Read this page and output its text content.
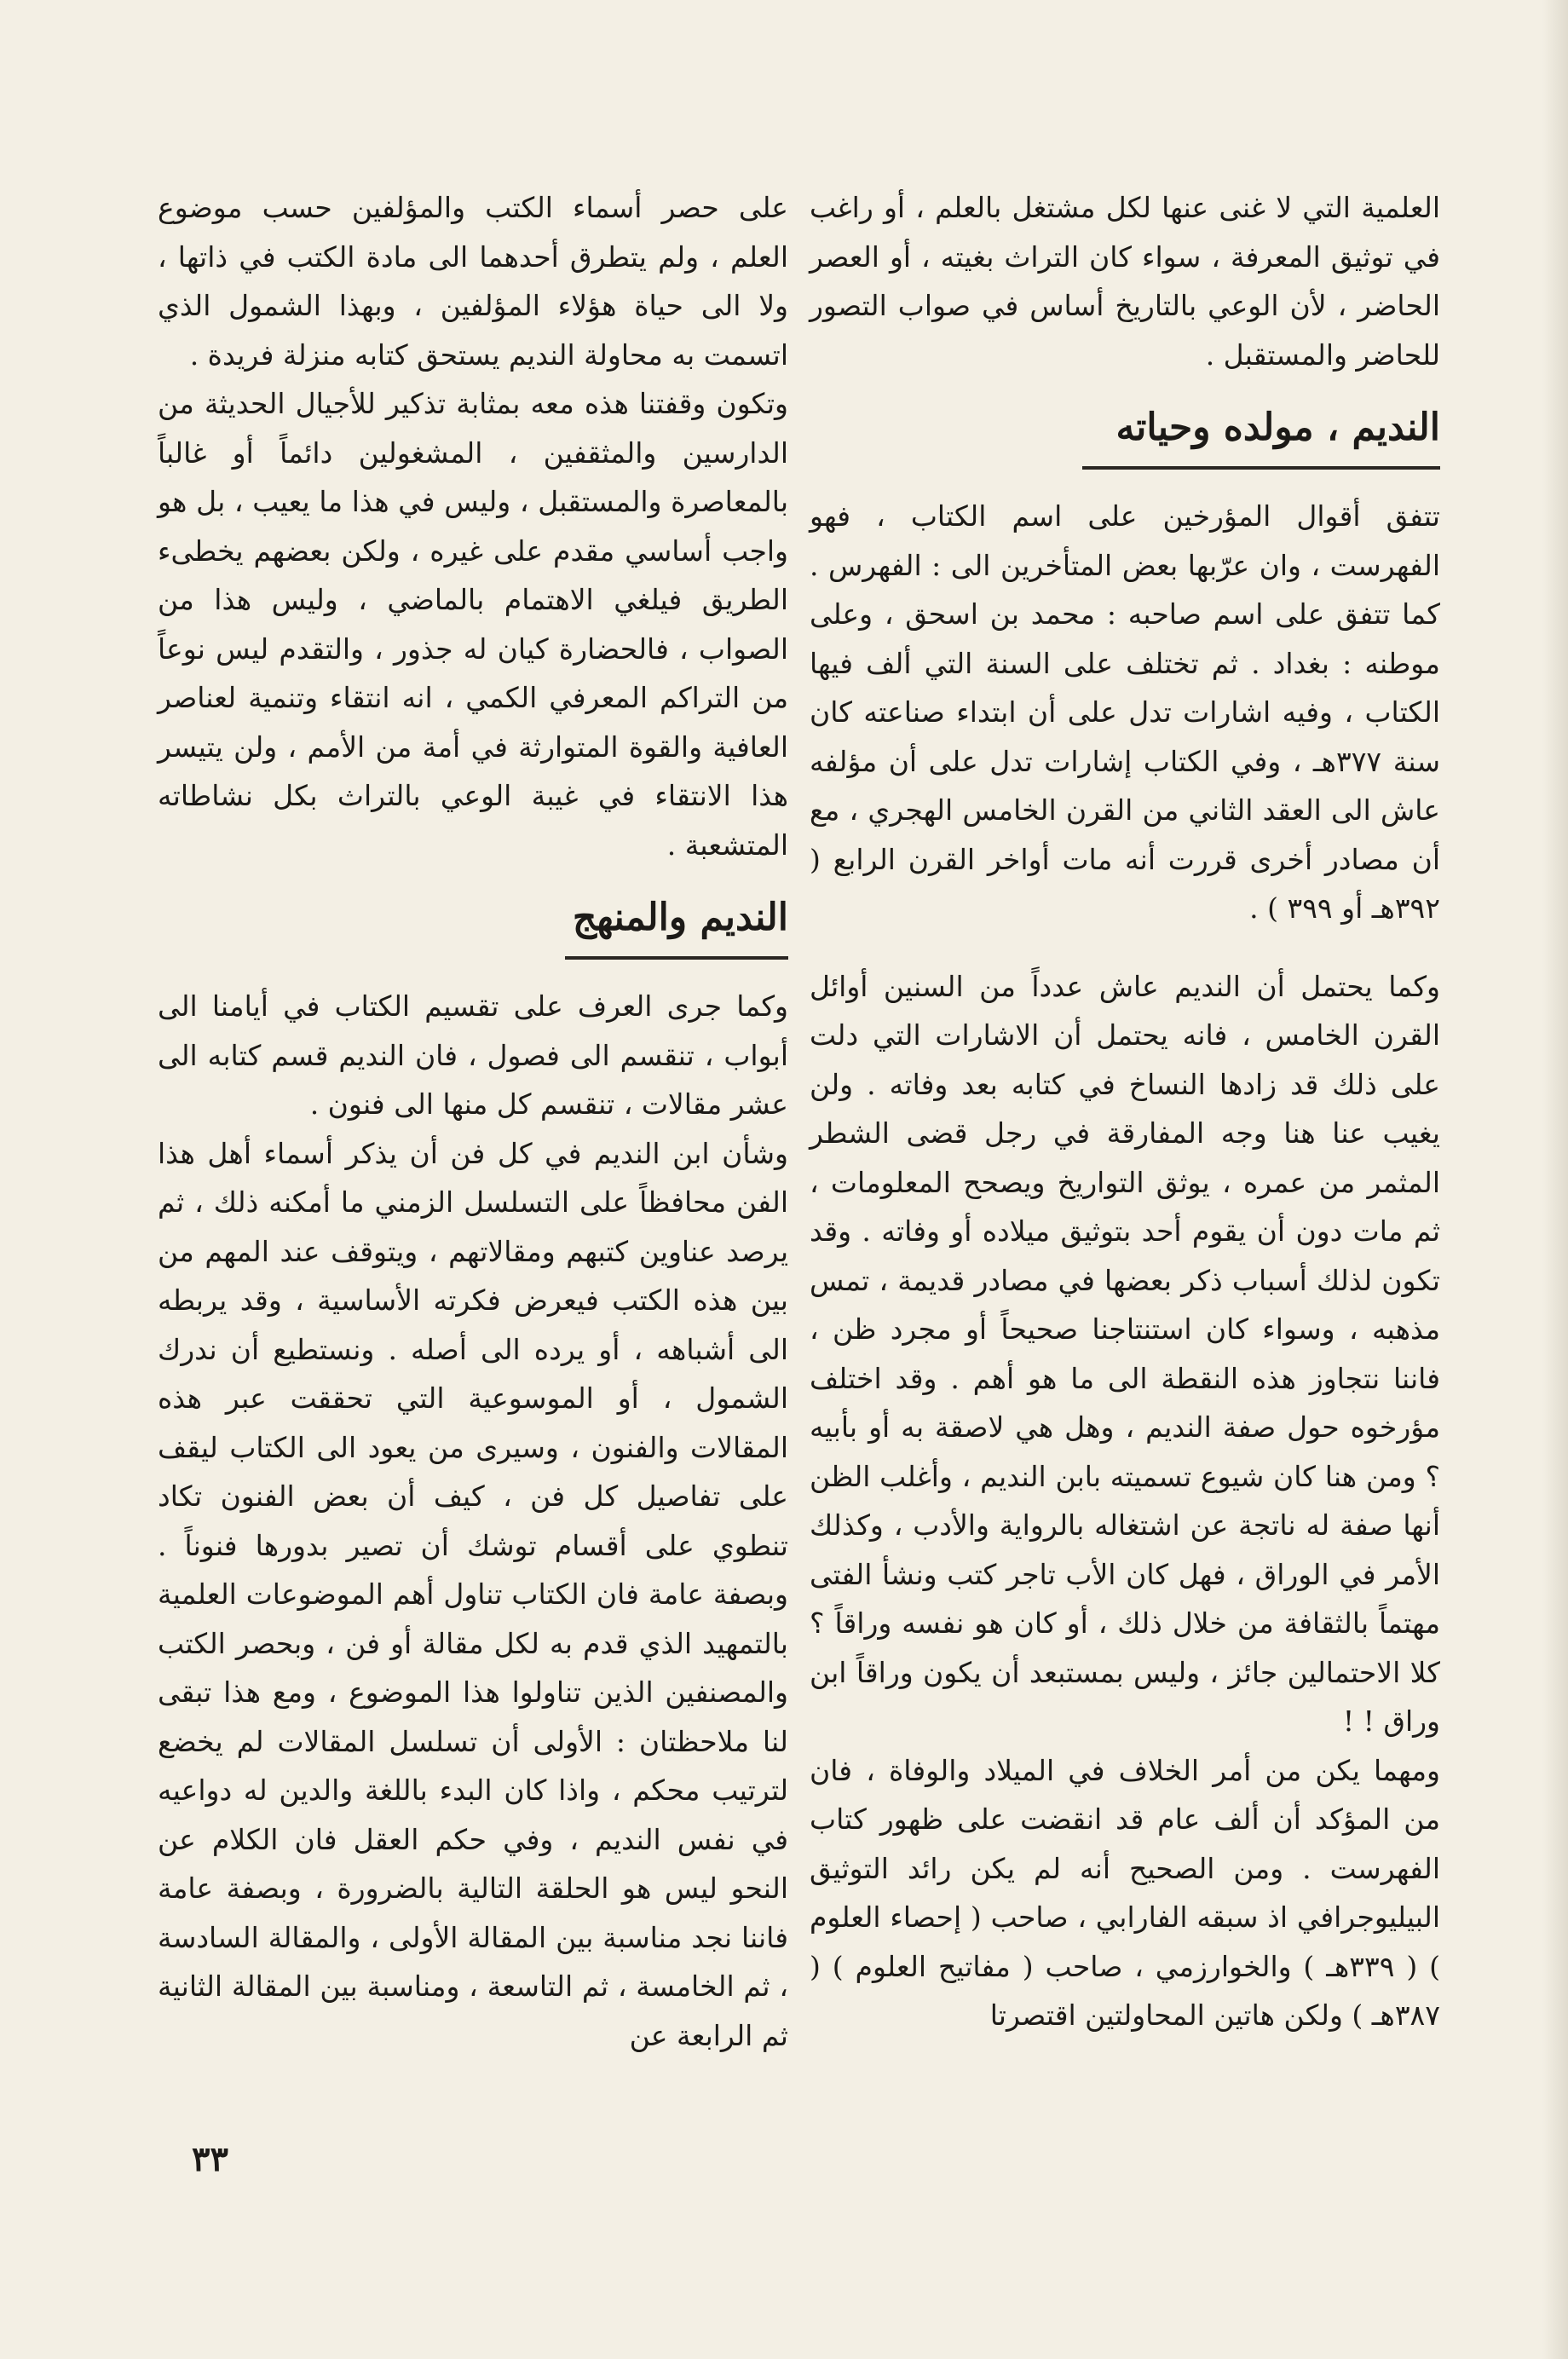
العلمية التي لا غنى عنها لكل مشتغل بالعلم ، أو راغب في توثيق المعرفة ، سواء كان التراث بغيته ، أو العصر الحاضر ، لأن الوعي بالتاريخ أساس في صواب التصور للحاضر والمستقبل .

النديم ، مولده وحياته

تتفق أقوال المؤرخين على اسم الكتاب ، فهو الفهرست ، وان عرّبها بعض المتأخرين الى : الفهرس . كما تتفق على اسم صاحبه : محمد بن اسحق ، وعلى موطنه : بغداد . ثم تختلف على السنة التي ألف فيها الكتاب ، وفيه اشارات تدل على أن ابتداء صناعته كان سنة ٣٧٧هـ ، وفي الكتاب إشارات تدل على أن مؤلفه عاش الى العقد الثاني من القرن الخامس الهجري ، مع أن مصادر أخرى قررت أنه مات أواخر القرن الرابع ( ٣٩٢هـ أو ٣٩٩ ) .

وكما يحتمل أن النديم عاش عدداً من السنين أوائل القرن الخامس ، فانه يحتمل أن الاشارات التي دلت على ذلك قد زادها النساخ في كتابه بعد وفاته . ولن يغيب عنا هنا وجه المفارقة في رجل قضى الشطر المثمر من عمره ، يوثق التواريخ ويصحح المعلومات ، ثم مات دون أن يقوم أحد بتوثيق ميلاده أو وفاته . وقد تكون لذلك أسباب ذكر بعضها في مصادر قديمة ، تمس مذهبه ، وسواء كان استنتاجنا صحيحاً أو مجرد ظن ، فاننا نتجاوز هذه النقطة الى ما هو أهم . وقد اختلف مؤرخوه حول صفة النديم ، وهل هي لاصقة به أو بأبيه ؟ ومن هنا كان شيوع تسميته بابن النديم ، وأغلب الظن أنها صفة له ناتجة عن اشتغاله بالرواية والأدب ، وكذلك الأمر في الوراق ، فهل كان الأب تاجر كتب ونشأ الفتى مهتماً بالثقافة من خلال ذلك ، أو كان هو نفسه وراقاً ؟ كلا الاحتمالين جائز ، وليس بمستبعد أن يكون وراقاً ابن وراق ! !

ومهما يكن من أمر الخلاف في الميلاد والوفاة ، فان من المؤكد أن ألف عام قد انقضت على ظهور كتاب الفهرست . ومن الصحيح أنه لم يكن رائد التوثيق البيليوجرافي اذ سبقه الفارابي ، صاحب ( إحصاء العلوم ) ( ٣٣٩هـ ) والخوارزمي ، صاحب ( مفاتيح العلوم ) ( ٣٨٧هـ ) ولكن هاتين المحاولتين اقتصرتا

على حصر أسماء الكتب والمؤلفين حسب موضوع العلم ، ولم يتطرق أحدهما الى مادة الكتب في ذاتها ، ولا الى حياة هؤلاء المؤلفين ، وبهذا الشمول الذي اتسمت به محاولة النديم يستحق كتابه منزلة فريدة .

وتكون وقفتنا هذه معه بمثابة تذكير للأجيال الحديثة من الدارسين والمثقفين ، المشغولين دائماً أو غالباً بالمعاصرة والمستقبل ، وليس في هذا ما يعيب ، بل هو واجب أساسي مقدم على غيره ، ولكن بعضهم يخطىء الطريق فيلغي الاهتمام بالماضي ، وليس هذا من الصواب ، فالحضارة كيان له جذور ، والتقدم ليس نوعاً من التراكم المعرفي الكمي ، انه انتقاء وتنمية لعناصر العافية والقوة المتوارثة في أمة من الأمم ، ولن يتيسر هذا الانتقاء في غيبة الوعي بالتراث بكل نشاطاته المتشعبة .

النديم والمنهج

وكما جرى العرف على تقسيم الكتاب في أيامنا الى أبواب ، تنقسم الى فصول ، فان النديم قسم كتابه الى عشر مقالات ، تنقسم كل منها الى فنون .

وشأن ابن النديم في كل فن أن يذكر أسماء أهل هذا الفن محافظاً على التسلسل الزمني ما أمكنه ذلك ، ثم يرصد عناوين كتبهم ومقالاتهم ، ويتوقف عند المهم من بين هذه الكتب فيعرض فكرته الأساسية ، وقد يربطه الى أشباهه ، أو يرده الى أصله . ونستطيع أن ندرك الشمول ، أو الموسوعية التي تحققت عبر هذه المقالات والفنون ، وسيرى من يعود الى الكتاب ليقف على تفاصيل كل فن ، كيف أن بعض الفنون تكاد تنطوي على أقسام توشك أن تصير بدورها فنوناً . وبصفة عامة فان الكتاب تناول أهم الموضوعات العلمية بالتمهيد الذي قدم به لكل مقالة أو فن ، وبحصر الكتب والمصنفين الذين تناولوا هذا الموضوع ، ومع هذا تبقى لنا ملاحظتان : الأولى أن تسلسل المقالات لم يخضع لترتيب محكم ، واذا كان البدء باللغة والدين له دواعيه في نفس النديم ، وفي حكم العقل فان الكلام عن النحو ليس هو الحلقة التالية بالضرورة ، وبصفة عامة فاننا نجد مناسبة بين المقالة الأولى ، والمقالة السادسة ، ثم الخامسة ، ثم التاسعة ، ومناسبة بين المقالة الثانية ثم الرابعة عن

٣٣
